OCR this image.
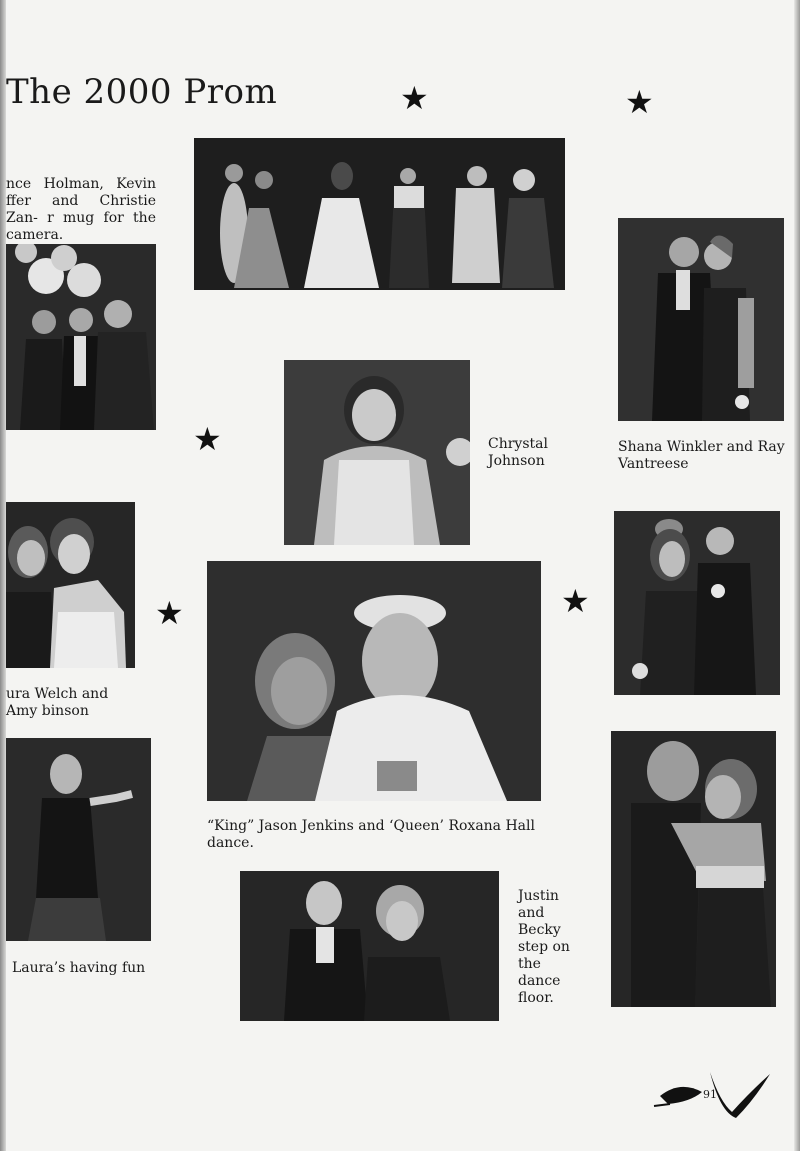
The 2000 Prom	★	★
★
★	★
nce Holman, Kevin ffer and Christie Zan- r mug for the camera.
Chrystal Johnson
Shana Winkler and Ray Vantreese
ura Welch and Amy binson
“King” Jason Jenkins and ‘Queen’ Roxana Hall dance.
Laura’s having fun
Justin and Becky step on the dance floor.
91
